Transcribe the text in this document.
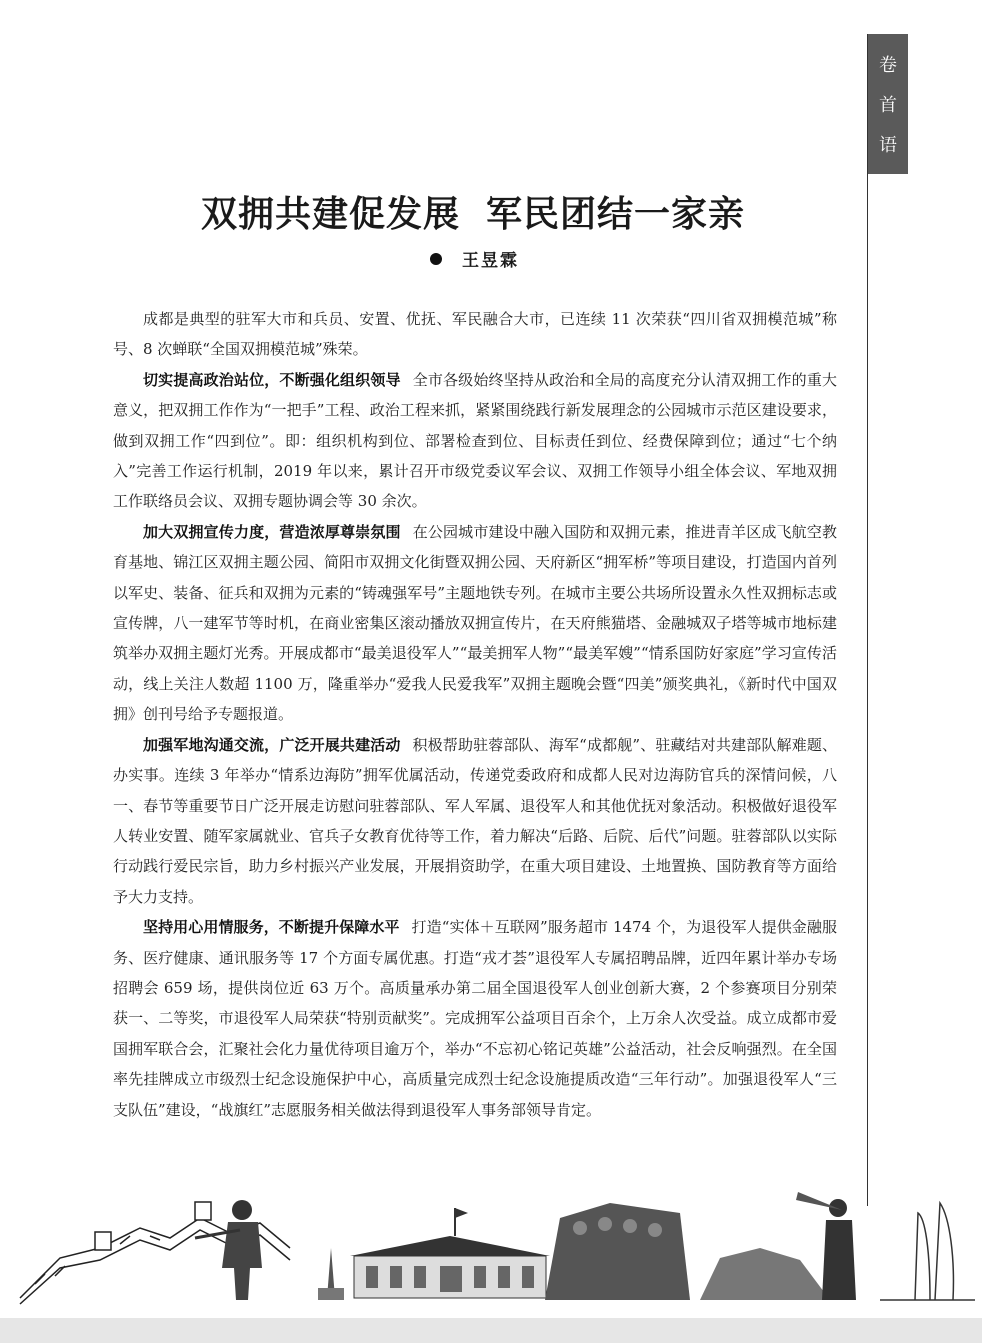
卷
首
语
双拥共建促发展 军民团结一家亲
王昱霖

成都是典型的驻军大市和兵员、安置、优抚、军民融合大市，已连续 11 次荣获“四川省双拥模范城”称号、8 次蝉联“全国双拥模范城”殊荣。

切实提高政治站位，不断强化组织领导 全市各级始终坚持从政治和全局的高度充分认清双拥工作的重大意义，把双拥工作作为“一把手”工程、政治工程来抓，紧紧围绕践行新发展理念的公园城市示范区建设要求，做到双拥工作“四到位”。即：组织机构到位、部署检查到位、目标责任到位、经费保障到位；通过“七个纳入”完善工作运行机制，2019 年以来，累计召开市级党委议军会议、双拥工作领导小组全体会议、军地双拥工作联络员会议、双拥专题协调会等 30 余次。

加大双拥宣传力度，营造浓厚尊崇氛围 在公园城市建设中融入国防和双拥元素，推进青羊区成飞航空教育基地、锦江区双拥主题公园、简阳市双拥文化街暨双拥公园、天府新区“拥军桥”等项目建设，打造国内首列以军史、装备、征兵和双拥为元素的“铸魂强军号”主题地铁专列。在城市主要公共场所设置永久性双拥标志或宣传牌，八一建军节等时机，在商业密集区滚动播放双拥宣传片，在天府熊猫塔、金融城双子塔等城市地标建筑举办双拥主题灯光秀。开展成都市“最美退役军人”“最美拥军人物”“最美军嫂”“情系国防好家庭”学习宣传活动，线上关注人数超 1100 万，隆重举办“爱我人民爱我军”双拥主题晚会暨“四美”颁奖典礼，《新时代中国双拥》创刊号给予专题报道。

加强军地沟通交流，广泛开展共建活动 积极帮助驻蓉部队、海军“成都舰”、驻藏结对共建部队解难题、办实事。连续 3 年举办“情系边海防”拥军优属活动，传递党委政府和成都人民对边海防官兵的深情问候，八一、春节等重要节日广泛开展走访慰问驻蓉部队、军人军属、退役军人和其他优抚对象活动。积极做好退役军人转业安置、随军家属就业、官兵子女教育优待等工作，着力解决“后路、后院、后代”问题。驻蓉部队以实际行动践行爱民宗旨，助力乡村振兴产业发展，开展捐资助学，在重大项目建设、土地置换、国防教育等方面给予大力支持。

坚持用心用情服务，不断提升保障水平 打造“实体＋互联网”服务超市 1474 个，为退役军人提供金融服务、医疗健康、通讯服务等 17 个方面专属优惠。打造“戎才荟”退役军人专属招聘品牌，近四年累计举办专场招聘会 659 场，提供岗位近 63 万个。高质量承办第二届全国退役军人创业创新大赛，2 个参赛项目分别荣获一、二等奖，市退役军人局荣获“特别贡献奖”。完成拥军公益项目百余个，上万余人次受益。成立成都市爱国拥军联合会，汇聚社会化力量优待项目逾万个，举办“不忘初心铭记英雄”公益活动，社会反响强烈。在全国率先挂牌成立市级烈士纪念设施保护中心，高质量完成烈士纪念设施提质改造“三年行动”。加强退役军人“三支队伍”建设，“战旗红”志愿服务相关做法得到退役军人事务部领导肯定。
